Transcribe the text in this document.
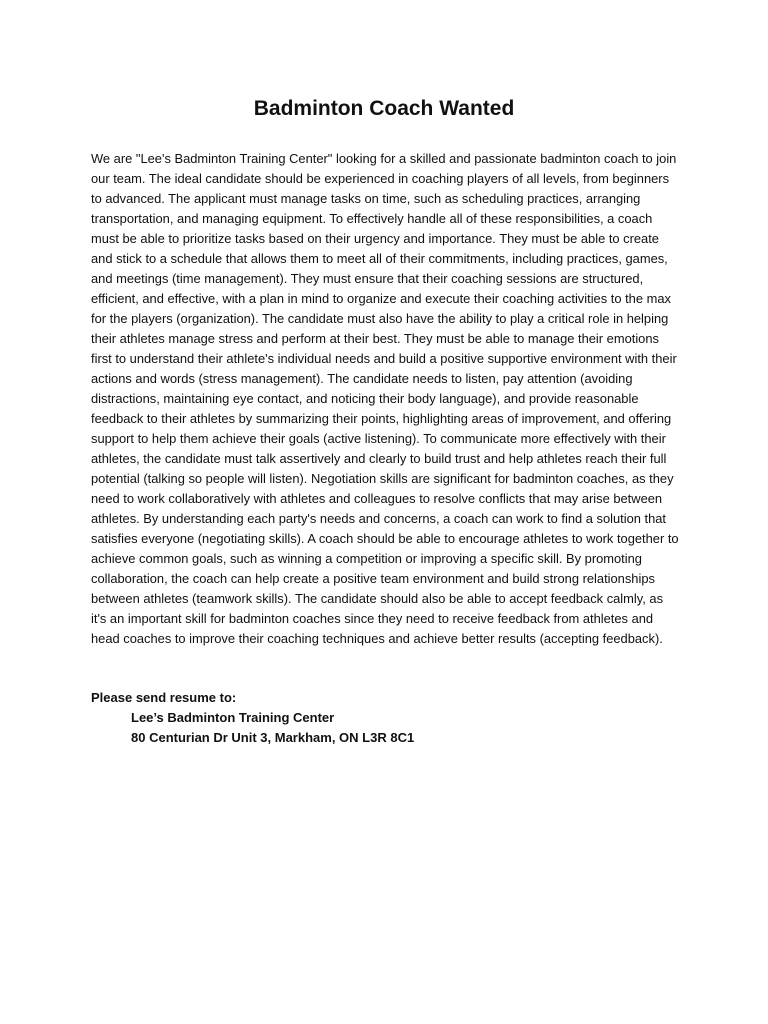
Badminton Coach Wanted
We are "Lee's Badminton Training Center" looking for a skilled and passionate badminton coach to join our team. The ideal candidate should be experienced in coaching players of all levels, from beginners to advanced. The applicant must manage tasks on time, such as scheduling practices, arranging transportation, and managing equipment. To effectively handle all of these responsibilities, a coach must be able to prioritize tasks based on their urgency and importance. They must be able to create and stick to a schedule that allows them to meet all of their commitments, including practices, games, and meetings (time management). They must ensure that their coaching sessions are structured, efficient, and effective, with a plan in mind to organize and execute their coaching activities to the max for the players (organization). The candidate must also have the ability to play a critical role in helping their athletes manage stress and perform at their best. They must be able to manage their emotions first to understand their athlete's individual needs and build a positive supportive environment with their actions and words (stress management). The candidate needs to listen, pay attention (avoiding distractions, maintaining eye contact, and noticing their body language), and provide reasonable feedback to their athletes by summarizing their points, highlighting areas of improvement, and offering support to help them achieve their goals (active listening). To communicate more effectively with their athletes, the candidate must talk assertively and clearly to build trust and help athletes reach their full potential (talking so people will listen). Negotiation skills are significant for badminton coaches, as they need to work collaboratively with athletes and colleagues to resolve conflicts that may arise between athletes. By understanding each party's needs and concerns, a coach can work to find a solution that satisfies everyone (negotiating skills). A coach should be able to encourage athletes to work together to achieve common goals, such as winning a competition or improving a specific skill. By promoting collaboration, the coach can help create a positive team environment and build strong relationships between athletes (teamwork skills). The candidate should also be able to accept feedback calmly, as it's an important skill for badminton coaches since they need to receive feedback from athletes and head coaches to improve their coaching techniques and achieve better results (accepting feedback).
Please send resume to:
Lee’s Badminton Training Center
80 Centurian Dr Unit 3, Markham, ON L3R 8C1
